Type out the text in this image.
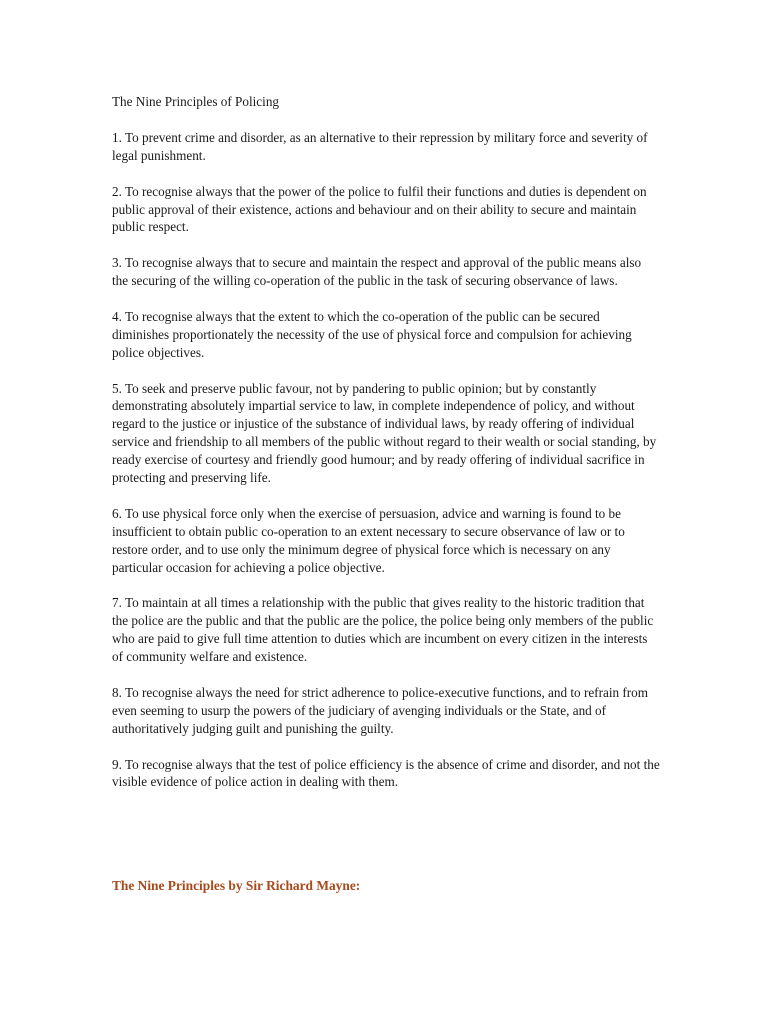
The Nine Principles of Policing

1. To prevent crime and disorder, as an alternative to their repression by military force and severity of legal punishment.

2. To recognise always that the power of the police to fulfil their functions and duties is dependent on public approval of their existence, actions and behaviour and on their ability to secure and maintain public respect.

3. To recognise always that to secure and maintain the respect and approval of the public means also the securing of the willing co-operation of the public in the task of securing observance of laws.

4. To recognise always that the extent to which the co-operation of the public can be secured diminishes proportionately the necessity of the use of physical force and compulsion for achieving police objectives.

5. To seek and preserve public favour, not by pandering to public opinion; but by constantly demonstrating absolutely impartial service to law, in complete independence of policy, and without regard to the justice or injustice of the substance of individual laws, by ready offering of individual service and friendship to all members of the public without regard to their wealth or social standing, by ready exercise of courtesy and friendly good humour; and by ready offering of individual sacrifice in protecting and preserving life.

6. To use physical force only when the exercise of persuasion, advice and warning is found to be insufficient to obtain public co-operation to an extent necessary to secure observance of law or to restore order, and to use only the minimum degree of physical force which is necessary on any particular occasion for achieving a police objective.

7. To maintain at all times a relationship with the public that gives reality to the historic tradition that the police are the public and that the public are the police, the police being only members of the public who are paid to give full time attention to duties which are incumbent on every citizen in the interests of community welfare and existence.

8. To recognise always the need for strict adherence to police-executive functions, and to refrain from even seeming to usurp the powers of the judiciary of avenging individuals or the State, and of authoritatively judging guilt and punishing the guilty.

9. To recognise always that the test of police efficiency is the absence of crime and disorder, and not the visible evidence of police action in dealing with them.

The Nine Principles by Sir Richard Mayne:
